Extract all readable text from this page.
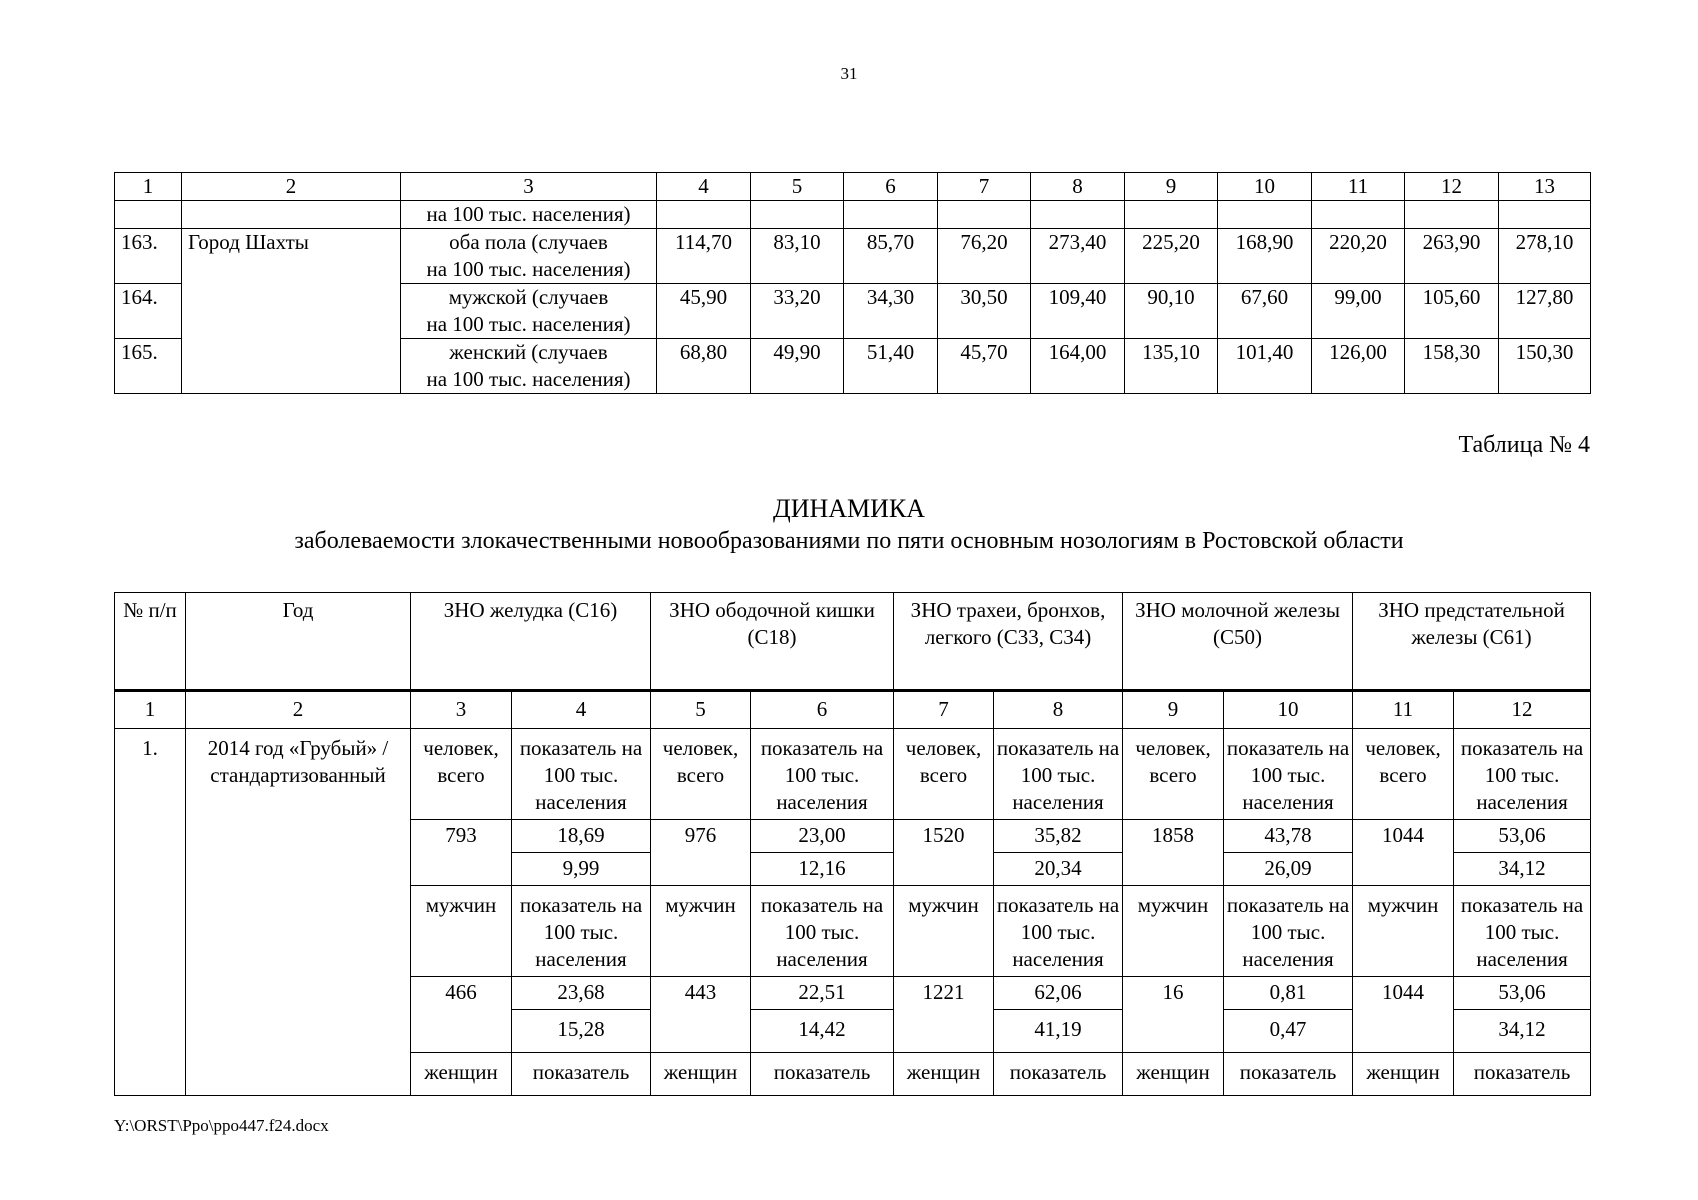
31
1	2	3	4	5	6	7	8	9	10	11	12	13
		на 100 тыс. населения)										
163.	Город Шахты	оба пола (случаев
на 100 тыс. населения)	114,70	83,10	85,70	76,20	273,40	225,20	168,90	220,20	263,90	278,10
164.		мужской (случаев
на 100 тыс. населения)	45,90	33,20	34,30	30,50	109,40	90,10	67,60	99,00	105,60	127,80
165.		женский (случаев
на 100 тыс. населения)	68,80	49,90	51,40	45,70	164,00	135,10	101,40	126,00	158,30	150,30
Таблица № 4
ДИНАМИКА
заболеваемости злокачественными новообразованиями по пяти основным нозологиям в Ростовской области
№ п/п	Год	ЗНО желудка (С16)		ЗНО ободочной кишки (С18)		ЗНО трахеи, бронхов, легкого (С33, С34)		ЗНО молочной железы (С50)		ЗНО предстательной железы (С61)	
1	2	3	4	5	6	7	8	9	10	11	12
1.	2014 год «Грубый» / стандартизованный	человек, всего	показатель на 100 тыс. населения	человек, всего	показатель на 100 тыс. населения	человек, всего	показатель на 100 тыс. населения	человек, всего	показатель на 100 тыс. населения	человек, всего	показатель на 100 тыс. населения
		793	18,69	976	23,00	1520	35,82	1858	43,78	1044	53,06
			9,99		12,16		20,34		26,09		34,12
		мужчин	показатель на 100 тыс. населения	мужчин	показатель на 100 тыс. населения	мужчин	показатель на 100 тыс. населения	мужчин	показатель на 100 тыс. населения	мужчин	показатель на 100 тыс. населения
		466	23,68	443	22,51	1221	62,06	16	0,81	1044	53,06
			15,28		14,42		41,19		0,47		34,12
		женщин	показатель	женщин	показатель	женщин	показатель	женщин	показатель	женщин	показатель
Y:\ORST\Ppo\ppo447.f24.docx
